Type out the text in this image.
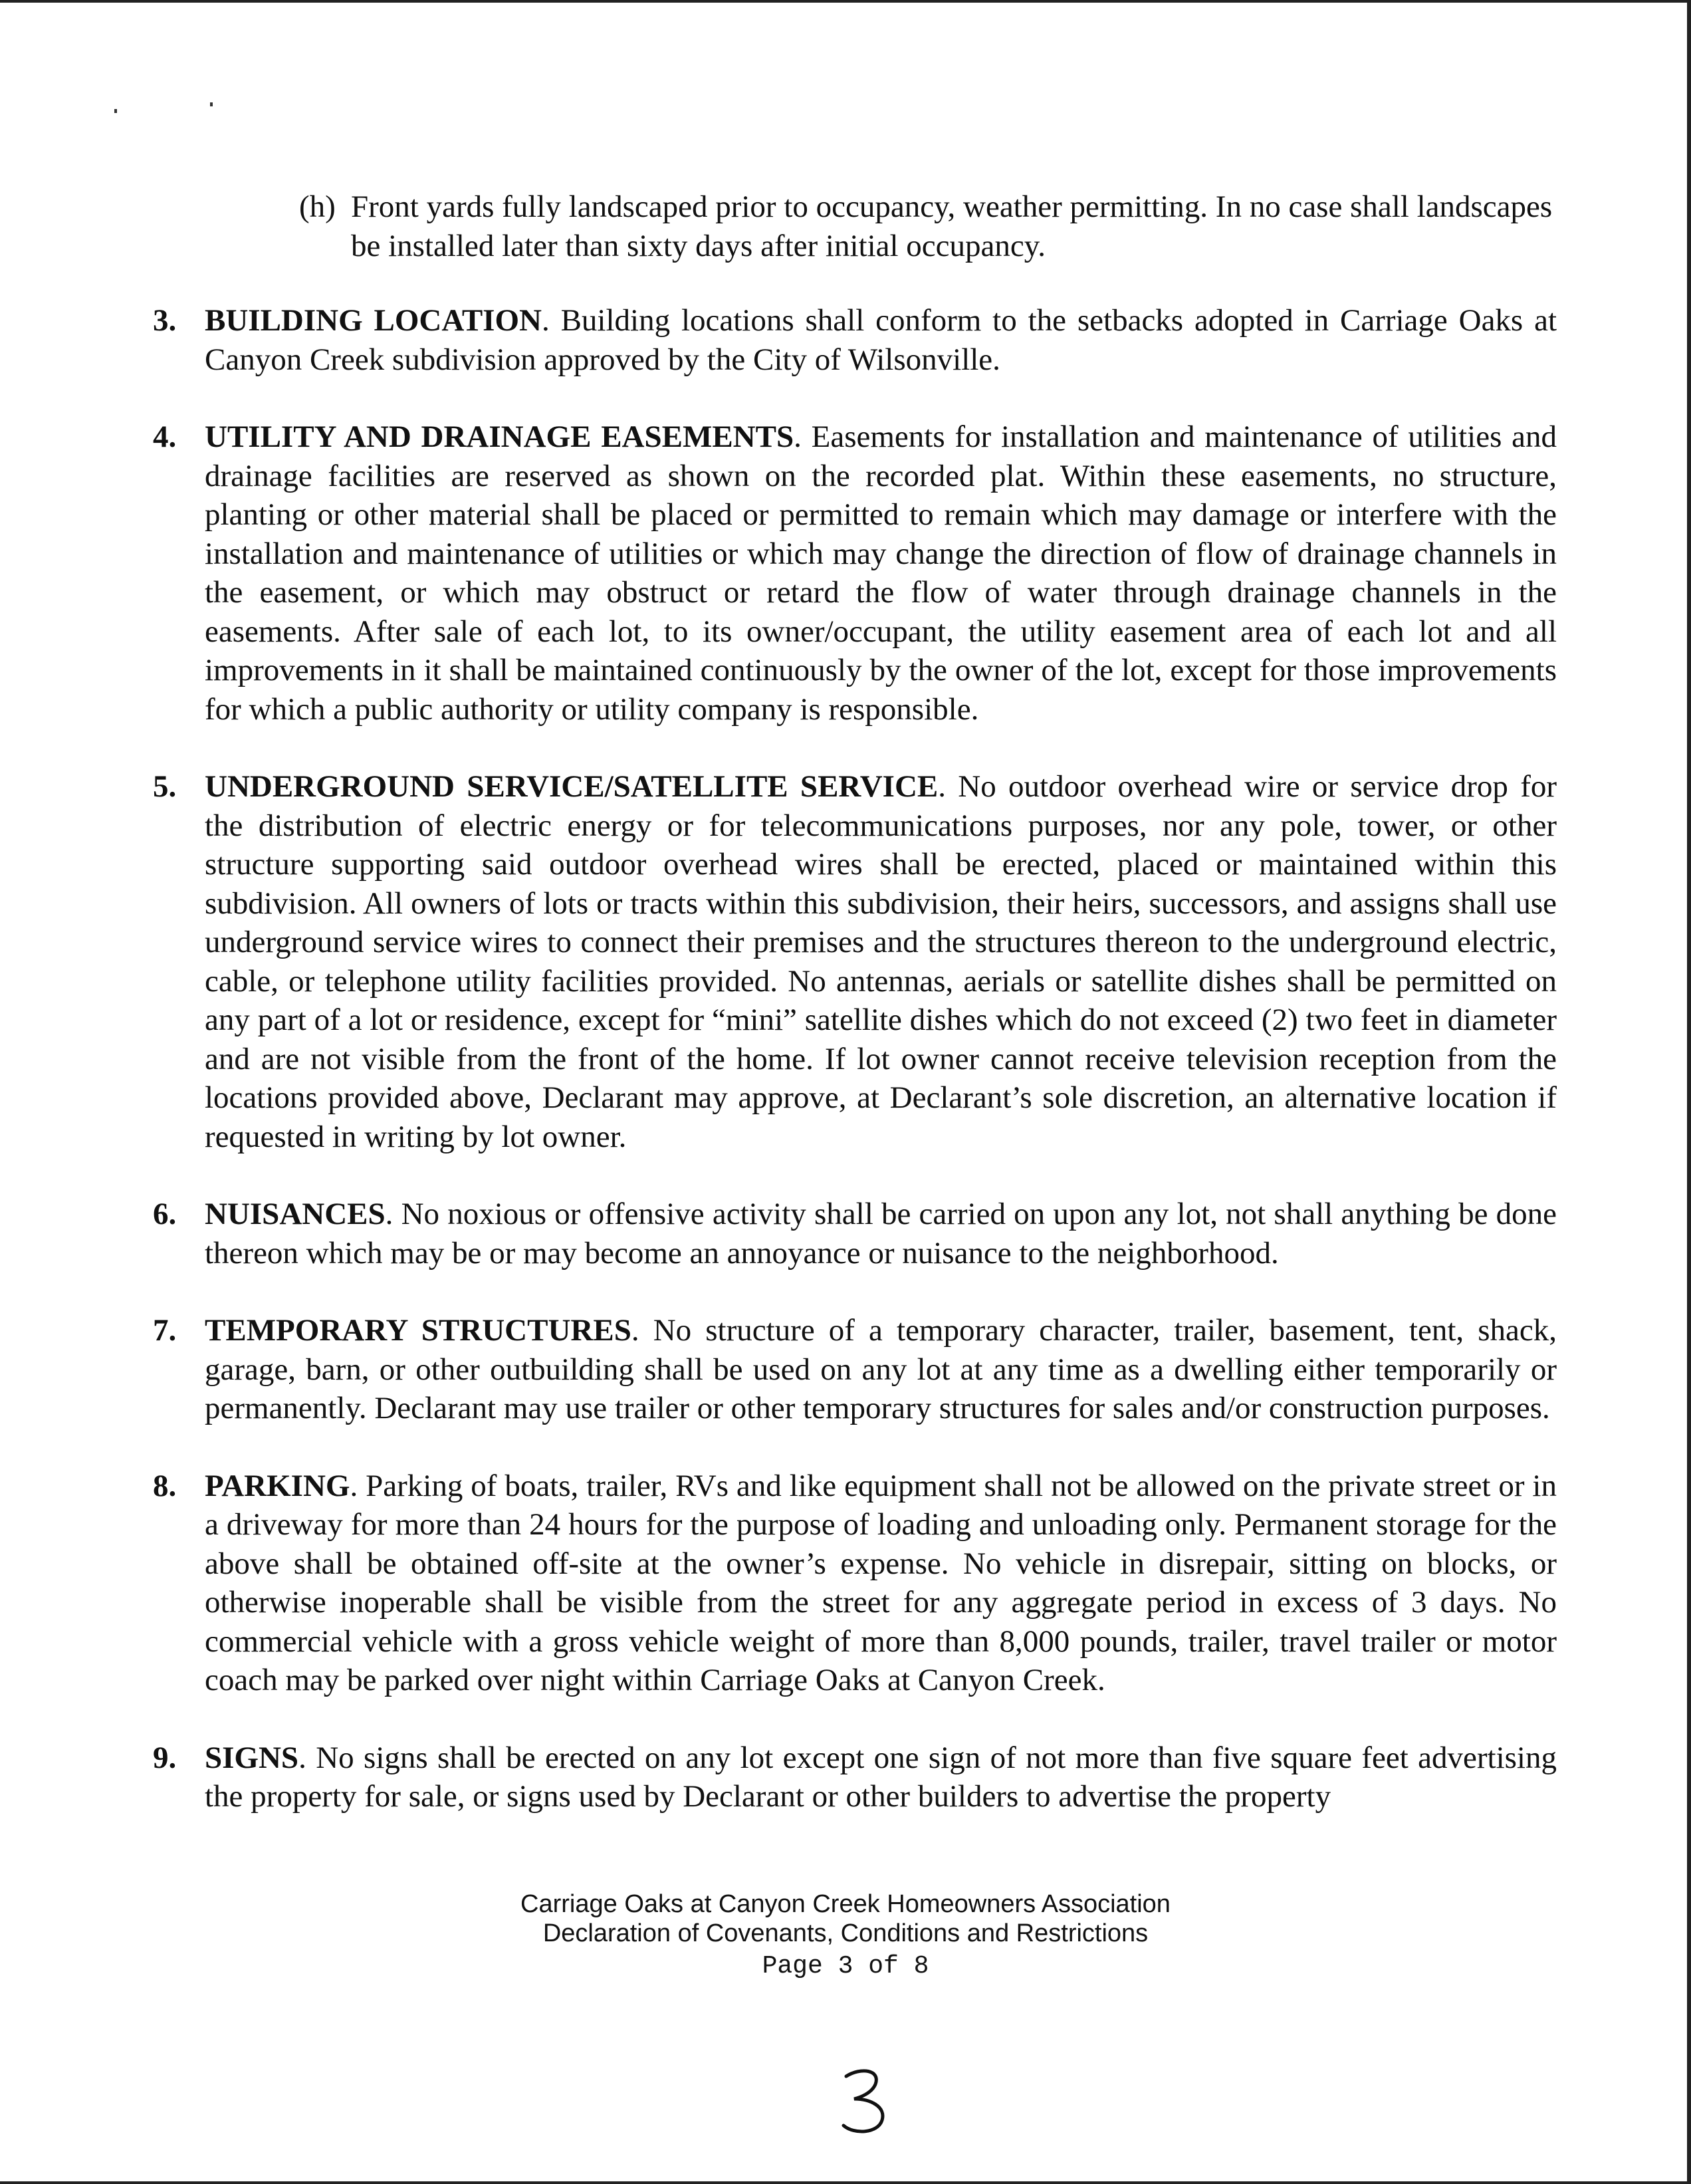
(h) Front yards fully landscaped prior to occupancy, weather permitting. In no case shall landscapes be installed later than sixty days after initial occupancy.

3. BUILDING LOCATION. Building locations shall conform to the setbacks adopted in Carriage Oaks at Canyon Creek subdivision approved by the City of Wilsonville.

4. UTILITY AND DRAINAGE EASEMENTS. Easements for installation and maintenance of utilities and drainage facilities are reserved as shown on the recorded plat. Within these easements, no structure, planting or other material shall be placed or permitted to remain which may damage or interfere with the installation and maintenance of utilities or which may change the direction of flow of drainage channels in the easement, or which may obstruct or retard the flow of water through drainage channels in the easements. After sale of each lot, to its owner/occupant, the utility easement area of each lot and all improvements in it shall be maintained continuously by the owner of the lot, except for those improvements for which a public authority or utility company is responsible.

5. UNDERGROUND SERVICE/SATELLITE SERVICE. No outdoor overhead wire or service drop for the distribution of electric energy or for telecommunications purposes, nor any pole, tower, or other structure supporting said outdoor overhead wires shall be erected, placed or maintained within this subdivision. All owners of lots or tracts within this subdivision, their heirs, successors, and assigns shall use underground service wires to connect their premises and the structures thereon to the underground electric, cable, or telephone utility facilities provided. No antennas, aerials or satellite dishes shall be permitted on any part of a lot or residence, except for “mini” satellite dishes which do not exceed (2) two feet in diameter and are not visible from the front of the home. If lot owner cannot receive television reception from the locations provided above, Declarant may approve, at Declarant’s sole discretion, an alternative location if requested in writing by lot owner.

6. NUISANCES. No noxious or offensive activity shall be carried on upon any lot, not shall anything be done thereon which may be or may become an annoyance or nuisance to the neighborhood.

7. TEMPORARY STRUCTURES. No structure of a temporary character, trailer, basement, tent, shack, garage, barn, or other outbuilding shall be used on any lot at any time as a dwelling either temporarily or permanently. Declarant may use trailer or other temporary structures for sales and/or construction purposes.

8. PARKING. Parking of boats, trailer, RVs and like equipment shall not be allowed on the private street or in a driveway for more than 24 hours for the purpose of loading and unloading only. Permanent storage for the above shall be obtained off-site at the owner’s expense. No vehicle in disrepair, sitting on blocks, or otherwise inoperable shall be visible from the street for any aggregate period in excess of 3 days. No commercial vehicle with a gross vehicle weight of more than 8,000 pounds, trailer, travel trailer or motor coach may be parked over night within Carriage Oaks at Canyon Creek.

9. SIGNS. No signs shall be erected on any lot except one sign of not more than five square feet advertising the property for sale, or signs used by Declarant or other builders to advertise the property

Carriage Oaks at Canyon Creek Homeowners Association
Declaration of Covenants, Conditions and Restrictions
Page 3 of 8
